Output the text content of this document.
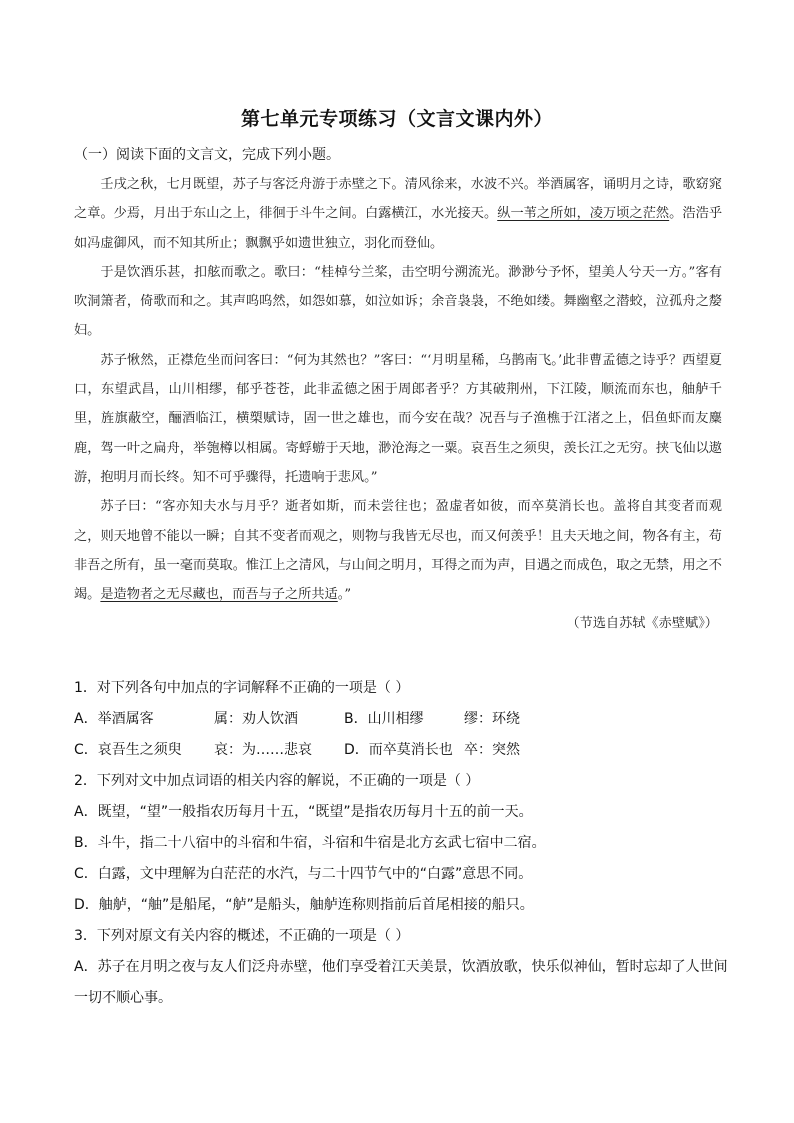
第七单元专项练习（文言文课内外）
（一）阅读下面的文言文，完成下列小题。

壬戌之秋，七月既望，苏子与客泛舟游于赤壁之下。清风徐来，水波不兴。举酒属客，诵明月之诗，歌窈窕之章。少焉，月出于东山之上，徘徊于斗牛之间。白露横江，水光接天。纵一苇之所如，凌万顷之茫然。浩浩乎如冯虚御风，而不知其所止；飘飘乎如遗世独立，羽化而登仙。

于是饮酒乐甚，扣舷而歌之。歌曰：“桂棹兮兰桨，击空明兮溯流光。渺渺兮予怀，望美人兮天一方。”客有吹洞箫者，倚歌而和之。其声呜呜然，如怨如慕，如泣如诉；余音袅袅，不绝如缕。舞幽壑之潜蛟，泣孤舟之嫠妇。

苏子愀然，正襟危坐而问客曰：“何为其然也？”客曰：“‘月明星稀，乌鹊南飞。’此非曹孟德之诗乎？西望夏口，东望武昌，山川相缪，郁乎苍苍，此非孟德之困于周郎者乎？方其破荆州，下江陵，顺流而东也，舳舻千里，旌旗蔽空，酾酒临江，横槊赋诗，固一世之雄也，而今安在哉？况吾与子渔樵于江渚之上，侣鱼虾而友麋鹿，驾一叶之扁舟，举匏樽以相属。寄蜉蝣于天地，渺沧海之一粟。哀吾生之须臾，羡长江之无穷。挟飞仙以遨游，抱明月而长终。知不可乎骤得，托遗响于悲风。”

苏子曰：“客亦知夫水与月乎？逝者如斯，而未尝往也；盈虚者如彼，而卒莫消长也。盖将自其变者而观之，则天地曾不能以一瞬；自其不变者而观之，则物与我皆无尽也，而又何羡乎！且夫天地之间，物各有主，苟非吾之所有，虽一毫而莫取。惟江上之清风，与山间之明月，耳得之而为声，目遇之而成色，取之无禁，用之不竭。是造物者之无尽藏也，而吾与子之所共适。”

（节选自苏轼《赤壁赋》）

1．对下列各句中加点的字词解释不正确的一项是（ ）
A．举酒属客	属：劝人饮酒	B．山川相缪	缪：环绕
C．哀吾生之须臾	哀：为……悲哀	D．而卒莫消长也 卒：突然
2．下列对文中加点词语的相关内容的解说，不正确的一项是（ ）
A．既望，“望”一般指农历每月十五，“既望”是指农历每月十五的前一天。
B．斗牛，指二十八宿中的斗宿和牛宿，斗宿和牛宿是北方玄武七宿中二宿。
C．白露，文中理解为白茫茫的水汽，与二十四节气中的“白露”意思不同。
D．舳舻，“舳”是船尾，“舻”是船头，舳舻连称则指前后首尾相接的船只。
3．下列对原文有关内容的概述，不正确的一项是（ ）
A．苏子在月明之夜与友人们泛舟赤壁，他们享受着江天美景，饮酒放歌，快乐似神仙，暂时忘却了人世间一切不顺心事。
